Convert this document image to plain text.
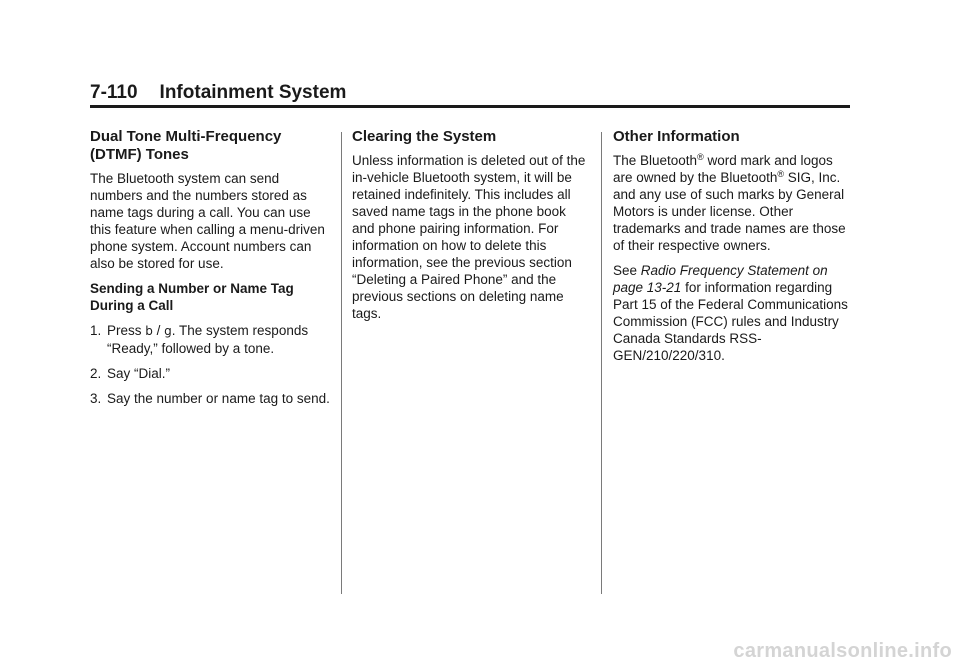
7-110 Infotainment System
Dual Tone Multi-Frequency (DTMF) Tones

The Bluetooth system can send numbers and the numbers stored as name tags during a call. You can use this feature when calling a menu-driven phone system. Account numbers can also be stored for use.

Sending a Number or Name Tag During a Call

1. Press b / g. The system responds “Ready,” followed by a tone.
2. Say “Dial.”
3. Say the number or name tag to send.
Clearing the System

Unless information is deleted out of the in-vehicle Bluetooth system, it will be retained indefinitely. This includes all saved name tags in the phone book and phone pairing information. For information on how to delete this information, see the previous section “Deleting a Paired Phone” and the previous sections on deleting name tags.

Other Information

The Bluetooth® word mark and logos are owned by the Bluetooth® SIG, Inc. and any use of such marks by General Motors is under license. Other trademarks and trade names are those of their respective owners.

See Radio Frequency Statement on page 13-21 for information regarding Part 15 of the Federal Communications Commission (FCC) rules and Industry Canada Standards RSS-GEN/210/220/310.

carmanualsonline.info
